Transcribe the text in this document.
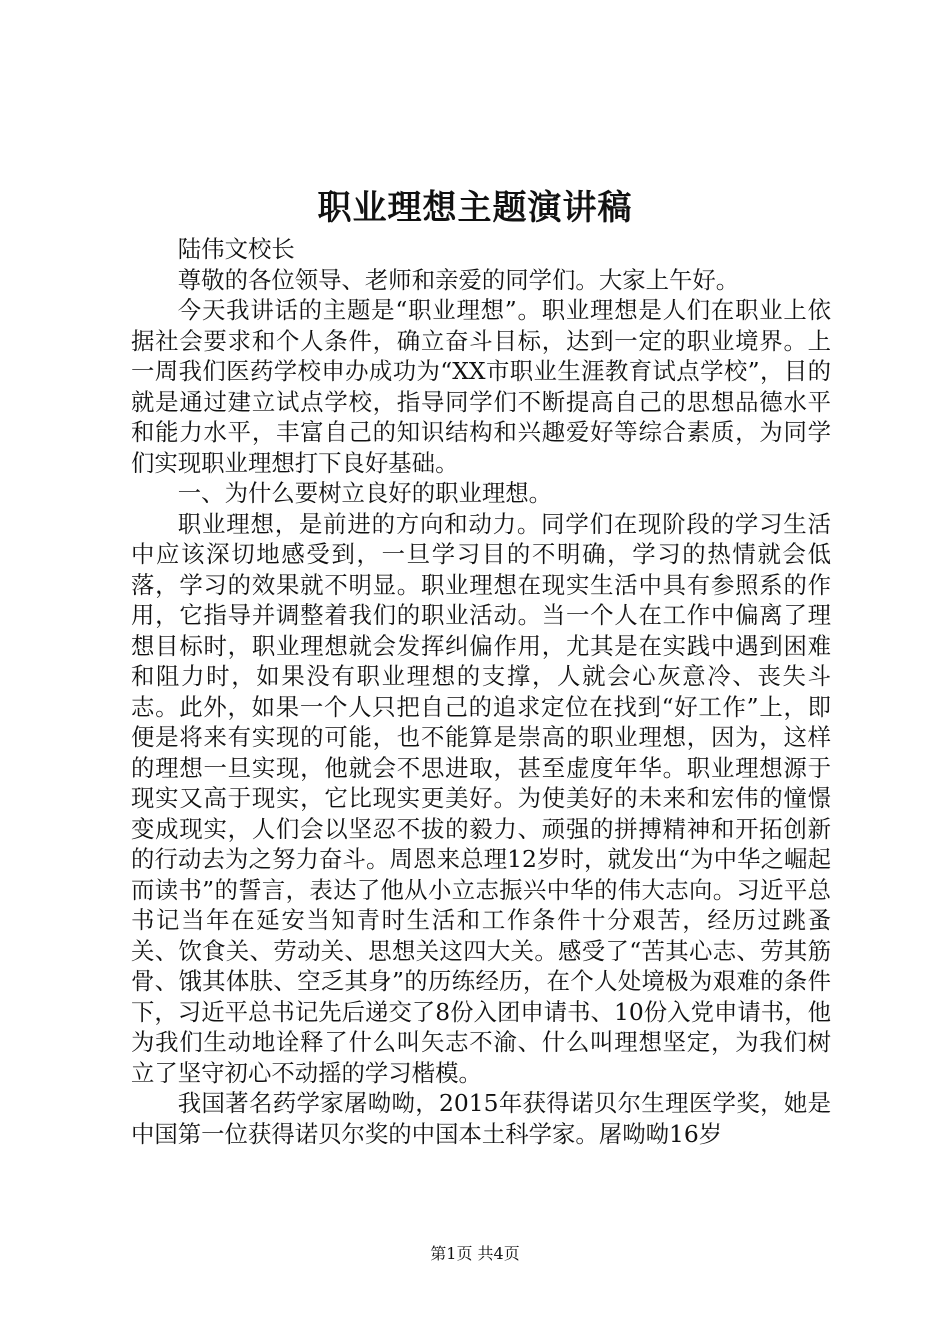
职业理想主题演讲稿

陆伟文校长

尊敬的各位领导、老师和亲爱的同学们。大家上午好。

今天我讲话的主题是“职业理想”。职业理想是人们在职业上依据社会要求和个人条件，确立奋斗目标，达到一定的职业境界。上一周我们医药学校申办成功为“XX市职业生涯教育试点学校”，目的就是通过建立试点学校，指导同学们不断提高自己的思想品德水平和能力水平，丰富自己的知识结构和兴趣爱好等综合素质，为同学们实现职业理想打下良好基础。

一、为什么要树立良好的职业理想。

职业理想，是前进的方向和动力。同学们在现阶段的学习生活中应该深切地感受到，一旦学习目的不明确，学习的热情就会低落，学习的效果就不明显。职业理想在现实生活中具有参照系的作用，它指导并调整着我们的职业活动。当一个人在工作中偏离了理想目标时，职业理想就会发挥纠偏作用，尤其是在实践中遇到困难和阻力时，如果没有职业理想的支撑，人就会心灰意冷、丧失斗志。此外，如果一个人只把自己的追求定位在找到“好工作”上，即便是将来有实现的可能，也不能算是崇高的职业理想，因为，这样的理想一旦实现，他就会不思进取，甚至虚度年华。职业理想源于现实又高于现实，它比现实更美好。为使美好的未来和宏伟的憧憬变成现实，人们会以坚忍不拔的毅力、顽强的拼搏精神和开拓创新的行动去为之努力奋斗。周恩来总理12岁时，就发出“为中华之崛起而读书”的誓言，表达了他从小立志振兴中华的伟大志向。习近平总书记当年在延安当知青时生活和工作条件十分艰苦，经历过跳蚤关、饮食关、劳动关、思想关这四大关。感受了“苦其心志、劳其筋骨、饿其体肤、空乏其身”的历练经历，在个人处境极为艰难的条件下，习近平总书记先后递交了8份入团申请书、10份入党申请书，他为我们生动地诠释了什么叫矢志不渝、什么叫理想坚定，为我们树立了坚守初心不动摇的学习楷模。

我国著名药学家屠呦呦，2015年获得诺贝尔生理医学奖，她是中国第一位获得诺贝尔奖的中国本土科学家。屠呦呦16岁

第1页 共4页
